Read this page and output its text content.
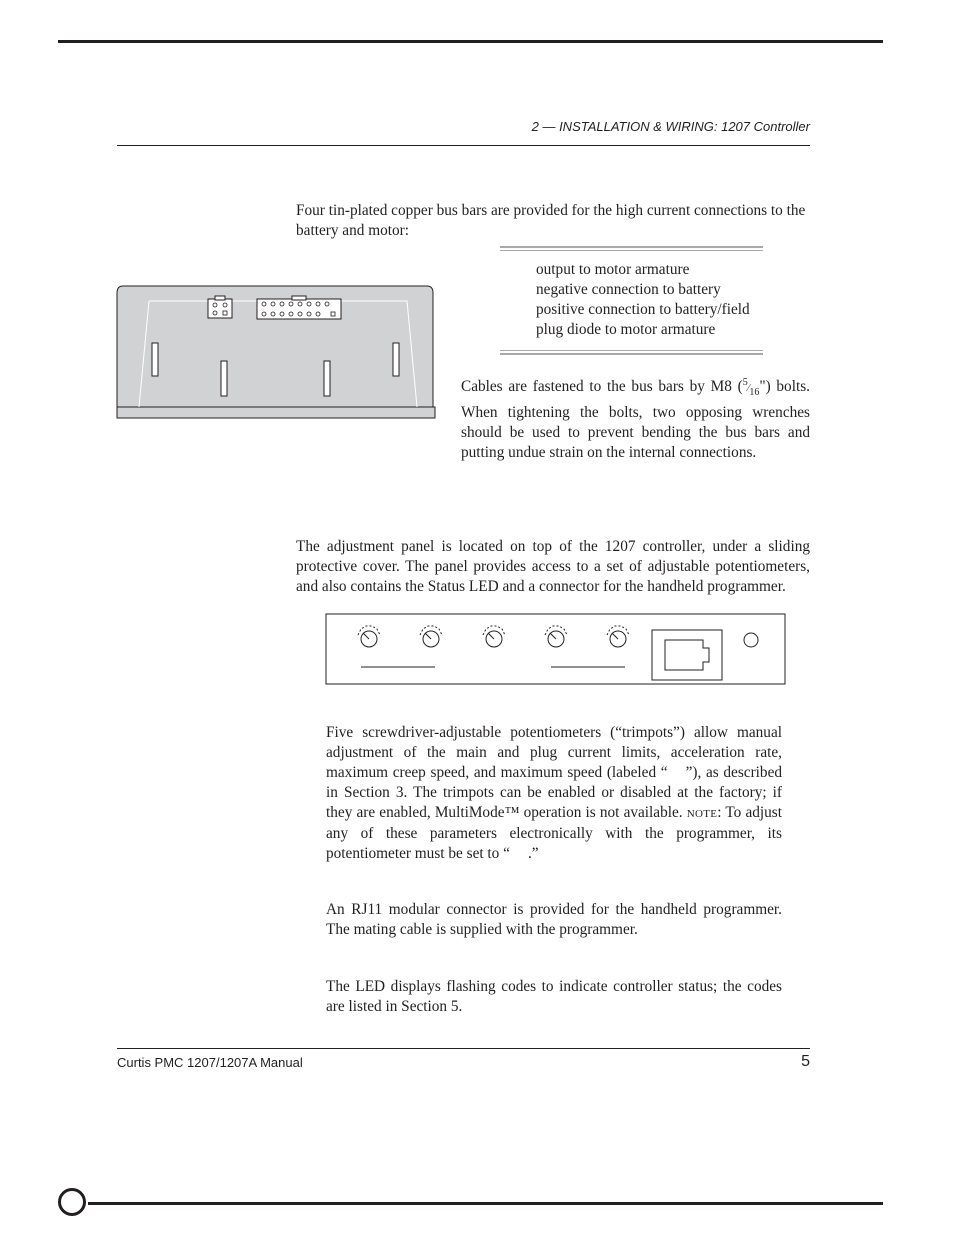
2 — INSTALLATION & WIRING: 1207 Controller
Four tin-plated copper bus bars are provided for the high current connections to the battery and motor:
output to motor armature
negative connection to battery
positive connection to battery/field
plug diode to motor armature
Cables are fastened to the bus bars by M8 $(^5⁄_{16}")$ bolts. When tightening the bolts, two opposing wrenches should be used to prevent bending the bus bars and putting undue strain on the internal connections.
The adjustment panel is located on top of the 1207 controller, under a sliding protective cover. The panel provides access to a set of adjustable potentiometers, and also contains the Status LED and a connector for the handheld programmer.
Five screwdriver-adjustable potentiometers (“trimpots”) allow manual adjustment of the main and plug current limits, acceleration rate, maximum creep speed, and maximum speed (labeled “ ”), as described in Section 3. The trimpots can be enabled or disabled at the factory; if they are enabled, MultiMode™ operation is not available. NOTE: To adjust any of these parameters electronically with the programmer, its potentiometer must be set to “ .”
An RJ11 modular connector is provided for the handheld programmer. The mating cable is supplied with the programmer.
The LED displays flashing codes to indicate controller status; the codes are listed in Section 5.
Curtis PMC 1207/1207A Manual	5
